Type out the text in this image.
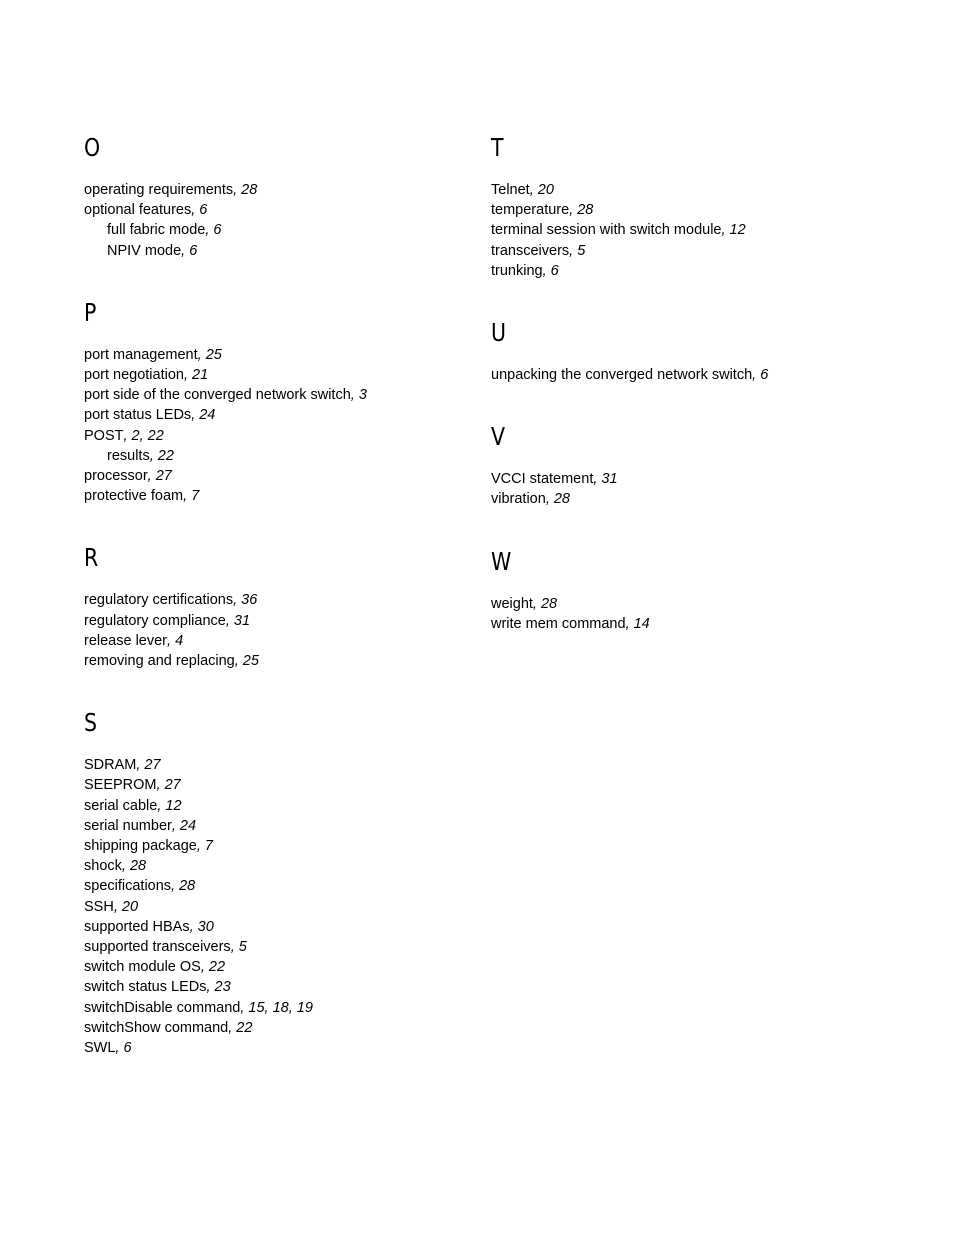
O
operating requirements, 28
optional features, 6
full fabric mode, 6
NPIV mode, 6
P
port management, 25
port negotiation, 21
port side of the converged network switch, 3
port status LEDs, 24
POST, 2, 22
results, 22
processor, 27
protective foam, 7
R
regulatory certifications, 36
regulatory compliance, 31
release lever, 4
removing and replacing, 25
S
SDRAM, 27
SEEPROM, 27
serial cable, 12
serial number, 24
shipping package, 7
shock, 28
specifications, 28
SSH, 20
supported HBAs, 30
supported transceivers, 5
switch module OS, 22
switch status LEDs, 23
switchDisable command, 15, 18, 19
switchShow command, 22
SWL, 6
T
Telnet, 20
temperature, 28
terminal session with switch module, 12
transceivers, 5
trunking, 6
U
unpacking the converged network switch, 6
V
VCCI statement, 31
vibration, 28
W
weight, 28
write mem command, 14
